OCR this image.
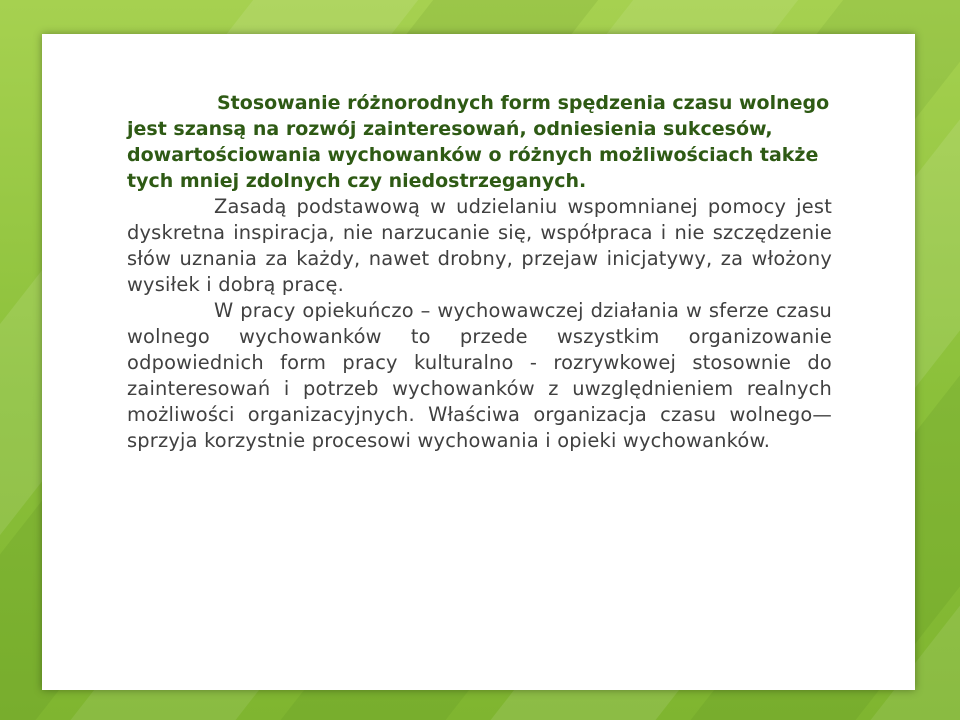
Stosowanie różnorodnych form spędzenia czasu wolnego jest szansą na rozwój zainteresowań, odniesienia sukcesów, dowartościowania wychowanków o różnych możliwościach także tych mniej zdolnych czy niedostrzeganych.

Zasadą podstawową w udzielaniu wspomnianej pomocy jest dyskretna inspiracja, nie narzucanie się, współpraca i nie szczędzenie słów uznania za każdy, nawet drobny, przejaw inicjatywy, za włożony wysiłek i dobrą pracę.

W pracy opiekuńczo – wychowawczej działania w sferze czasu wolnego wychowanków to przede wszystkim organizowanie odpowiednich form pracy kulturalno - rozrywkowej stosownie do zainteresowań i potrzeb wychowanków z uwzględnieniem realnych możliwości organizacyjnych. Właściwa organizacja czasu wolnego— sprzyja korzystnie procesowi wychowania i opieki wychowanków.
